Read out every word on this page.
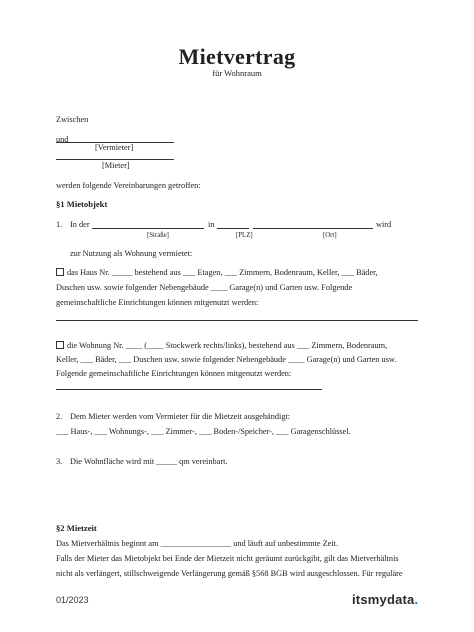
Mietvertrag
für Wohnraum
Zwischen
[Vermieter]
und
[Mieter]
werden folgende Vereinbarungen getroffen:
§1 Mietobjekt
1. In der	in	wird
[Straße]	[PLZ]	[Ort]
zur Nutzung als Wohnung vermietet:
das Haus Nr. _____ bestehend aus ___ Etagen, ___ Zimmern, Bodenraum, Keller, ___ Bäder,
Duschen usw. sowie folgender Nebengebäude ____ Garage(n) und Garten usw. Folgende
gemeinschaftliche Einrichtungen können mitgenutzt werden:
die Wohnung Nr. ____ (____ Stockwerk rechts/links), bestehend aus ___ Zimmern, Bodenraum,
Keller, ___ Bäder, ___ Duschen usw. sowie folgender Nebengebäude ____ Garage(n) und Garten usw.
Folgende gemeinschaftliche Einrichtungen können mitgenutzt werden:
2. Dem Mieter werden vom Vermieter für die Mietzeit ausgehändigt:
___ Haus-, ___ Wohnungs-, ___ Zimmer-, ___ Boden-/Speicher-, ___ Garagenschlüssel.
3. Die Wohnfläche wird mit _____ qm vereinbart.
§2 Mietzeit
Das Mietverhältnis beginnt am _________________ und läuft auf unbestimmte Zeit.
Falls der Mieter das Mietobjekt bei Ende der Mietzeit nicht geräumt zurückgibt, gilt das Mietverhältnis
nicht als verlängert, stillschweigende Verlängerung gemäß §568 BGB wird ausgeschlossen. Für reguläre
01/2023	itsmydata.
